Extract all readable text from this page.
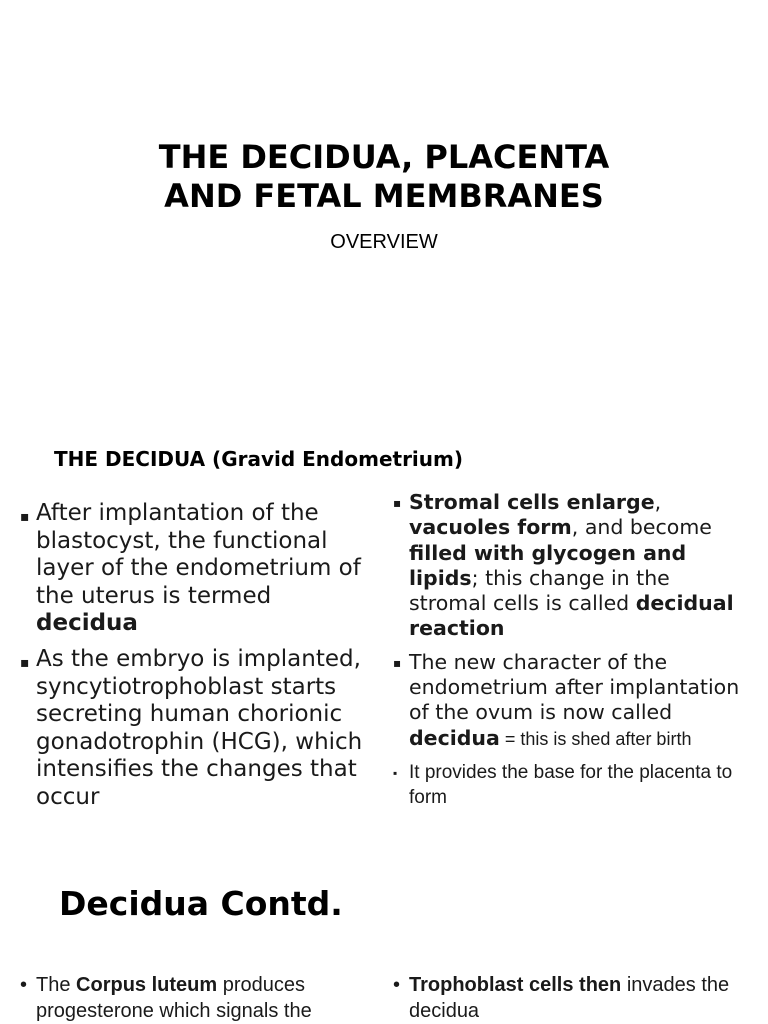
THE DECIDUA, PLACENTA
AND FETAL MEMBRANES
OVERVIEW
THE DECIDUA (Gravid Endometrium)
▪ After implantation of the blastocyst, the functional layer of the endometrium of the uterus is termed decidua
▪ As the embryo is implanted, syncytiotrophoblast starts secreting human chorionic gonadotrophin (HCG), which intensifies the changes that occur
▪ Stromal cells enlarge, vacuoles form, and become filled with glycogen and lipids; this change in the stromal cells is called decidual reaction
▪ The new character of the endometrium after implantation of the ovum is now called decidua = this is shed after birth
▪ It provides the base for the placenta to form
Decidua Contd.
• The Corpus luteum produces progesterone which signals the
• Trophoblast cells then invades the decidua
